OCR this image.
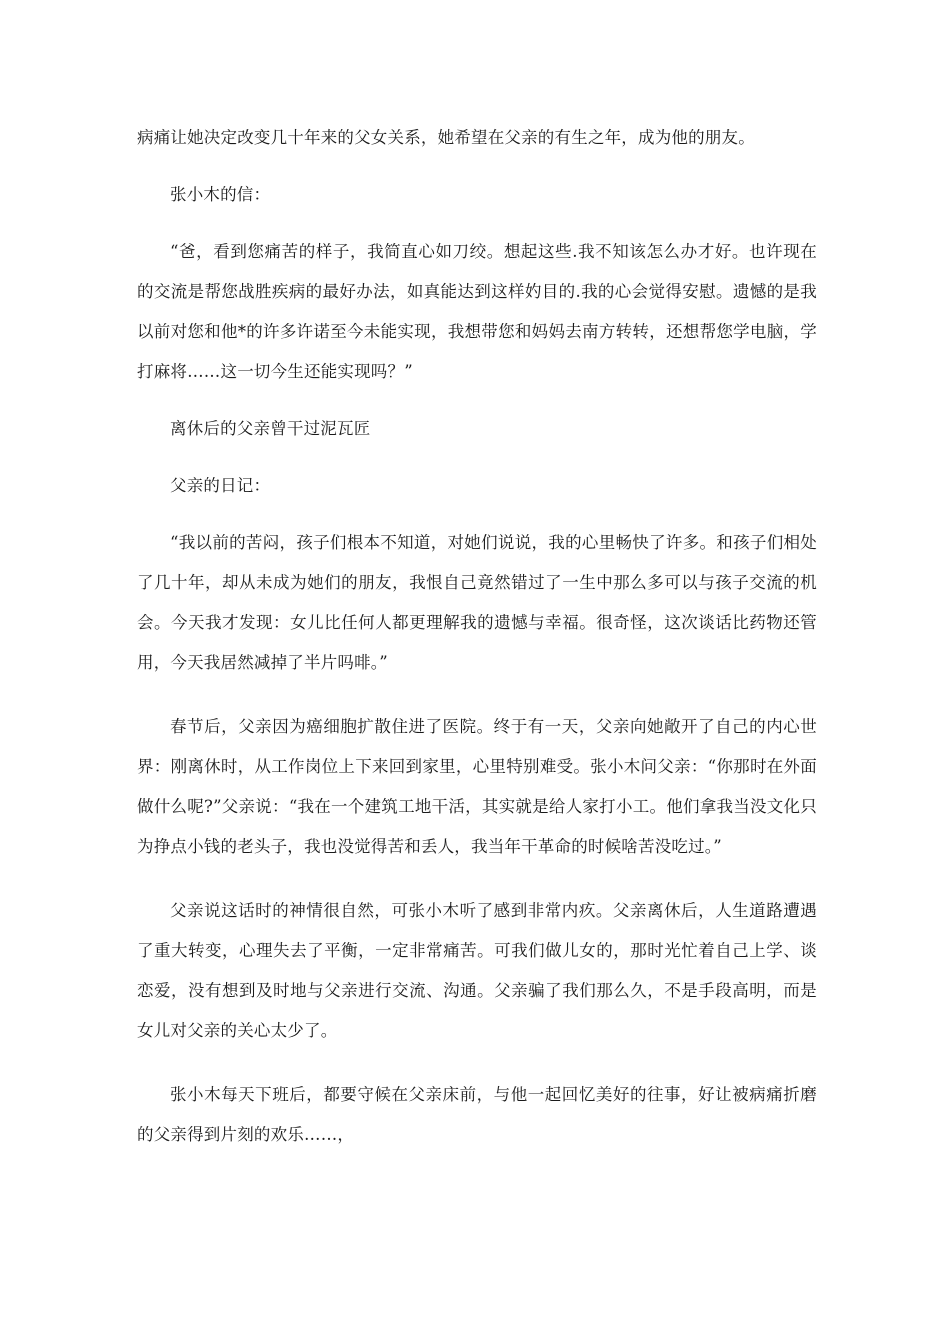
病痛让她决定改变几十年来的父女关系，她希望在父亲的有生之年，成为他的朋友。

张小木的信：

“爸，看到您痛苦的样子，我简直心如刀绞。想起这些.我不知该怎么办才好。也许现在的交流是帮您战胜疾病的最好办法，如真能达到这样妁目的.我的心会觉得安慰。遗憾的是我以前对您和他*的许多许诺至今未能实现，我想带您和妈妈去南方转转，还想帮您学电脑，学打麻将……这一切今生还能实现吗？”

离休后的父亲曾干过泥瓦匠

父亲的日记：

“我以前的苦闷，孩子们根本不知道，对她们说说，我的心里畅快了许多。和孩子们相处了几十年，却从未成为她们的朋友，我恨自己竟然错过了一生中那么多可以与孩子交流的机会。今天我才发现：女儿比任何人都更理解我的遗憾与幸福。很奇怪，这次谈话比药物还管用，今天我居然减掉了半片吗啡。”

春节后，父亲因为癌细胞扩散住进了医院。终于有一天，父亲向她敞开了自己的内心世界：刚离休时，从工作岗位上下来回到家里，心里特别难受。张小木问父亲：“你那时在外面做什么呢?”父亲说：“我在一个建筑工地干活，其实就是给人家打小工。他们拿我当没文化只为挣点小钱的老头子，我也没觉得苦和丢人，我当年干革命的时候啥苦没吃过。”

父亲说这话时的神情很自然，可张小木听了感到非常内疚。父亲离休后，人生道路遭遇了重大转变，心理失去了平衡，一定非常痛苦。可我们做儿女的，那时光忙着自己上学、谈恋爱，没有想到及时地与父亲进行交流、沟通。父亲骗了我们那么久，不是手段高明，而是女儿对父亲的关心太少了。

张小木每天下班后，都要守候在父亲床前，与他一起回忆美好的往事，好让被病痛折磨的父亲得到片刻的欢乐……，
